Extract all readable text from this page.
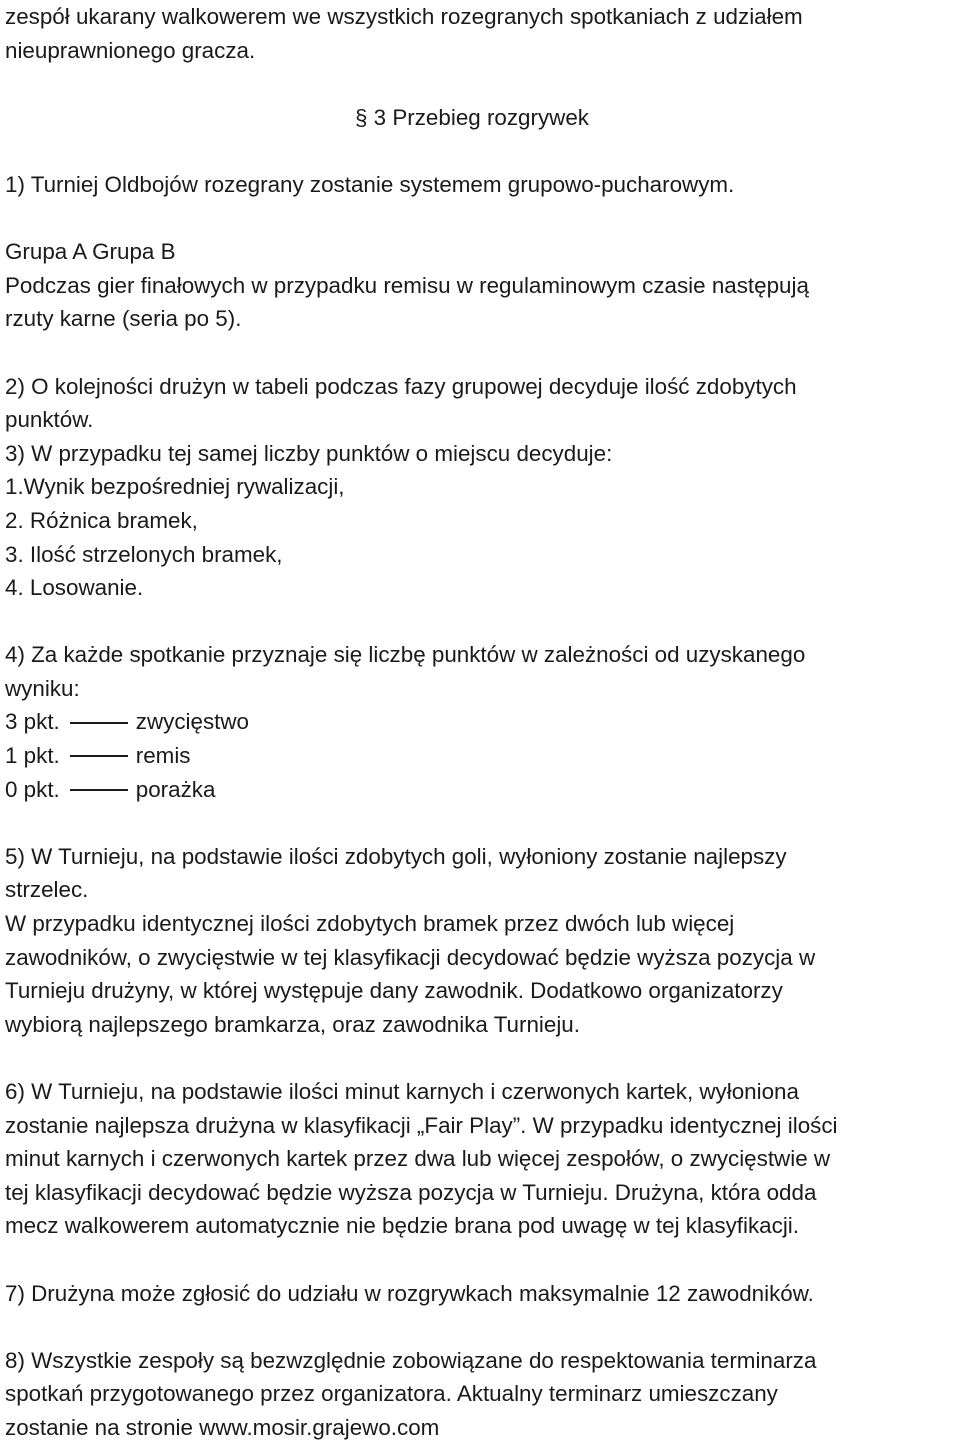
zespół ukarany walkowerem we wszystkich rozegranych spotkaniach z udziałem

nieuprawnionego gracza.

§ 3 Przebieg rozgrywek

1) Turniej Oldbojów rozegrany zostanie systemem grupowo-pucharowym.

Grupa A Grupa B

Podczas gier finałowych w przypadku remisu w regulaminowym czasie następują

rzuty karne (seria po 5).

2) O kolejności drużyn w tabeli podczas fazy grupowej decyduje ilość zdobytych

punktów.

3) W przypadku tej samej liczby punktów o miejscu decyduje:

1.Wynik bezpośredniej rywalizacji,

2. Różnica bramek,

3. Ilość strzelonych bramek,

4. Losowanie.

4) Za każde spotkanie przyznaje się liczbę punktów w zależności od uzyskanego

wyniku:

3 pkt.	zwycięstwo

1 pkt.	remis

0 pkt.	porażka

5) W Turnieju, na podstawie ilości zdobytych goli, wyłoniony zostanie najlepszy

strzelec.

W przypadku identycznej ilości zdobytych bramek przez dwóch lub więcej

zawodników, o zwycięstwie w tej klasyfikacji decydować będzie wyższa pozycja w

Turnieju drużyny, w której występuje dany zawodnik. Dodatkowo organizatorzy

wybiorą najlepszego bramkarza, oraz zawodnika Turnieju.

6) W Turnieju, na podstawie ilości minut karnych i czerwonych kartek, wyłoniona

zostanie najlepsza drużyna w klasyfikacji „Fair Play”. W przypadku identycznej ilości

minut karnych i czerwonych kartek przez dwa lub więcej zespołów, o zwycięstwie w

tej klasyfikacji decydować będzie wyższa pozycja w Turnieju. Drużyna, która odda

mecz walkowerem automatycznie nie będzie brana pod uwagę w tej klasyfikacji.

7) Drużyna może zgłosić do udziału w rozgrywkach maksymalnie 12 zawodników.

8) Wszystkie zespoły są bezwzględnie zobowiązane do respektowania terminarza

spotkań przygotowanego przez organizatora. Aktualny terminarz umieszczany

zostanie na stronie www.mosir.grajewo.com
